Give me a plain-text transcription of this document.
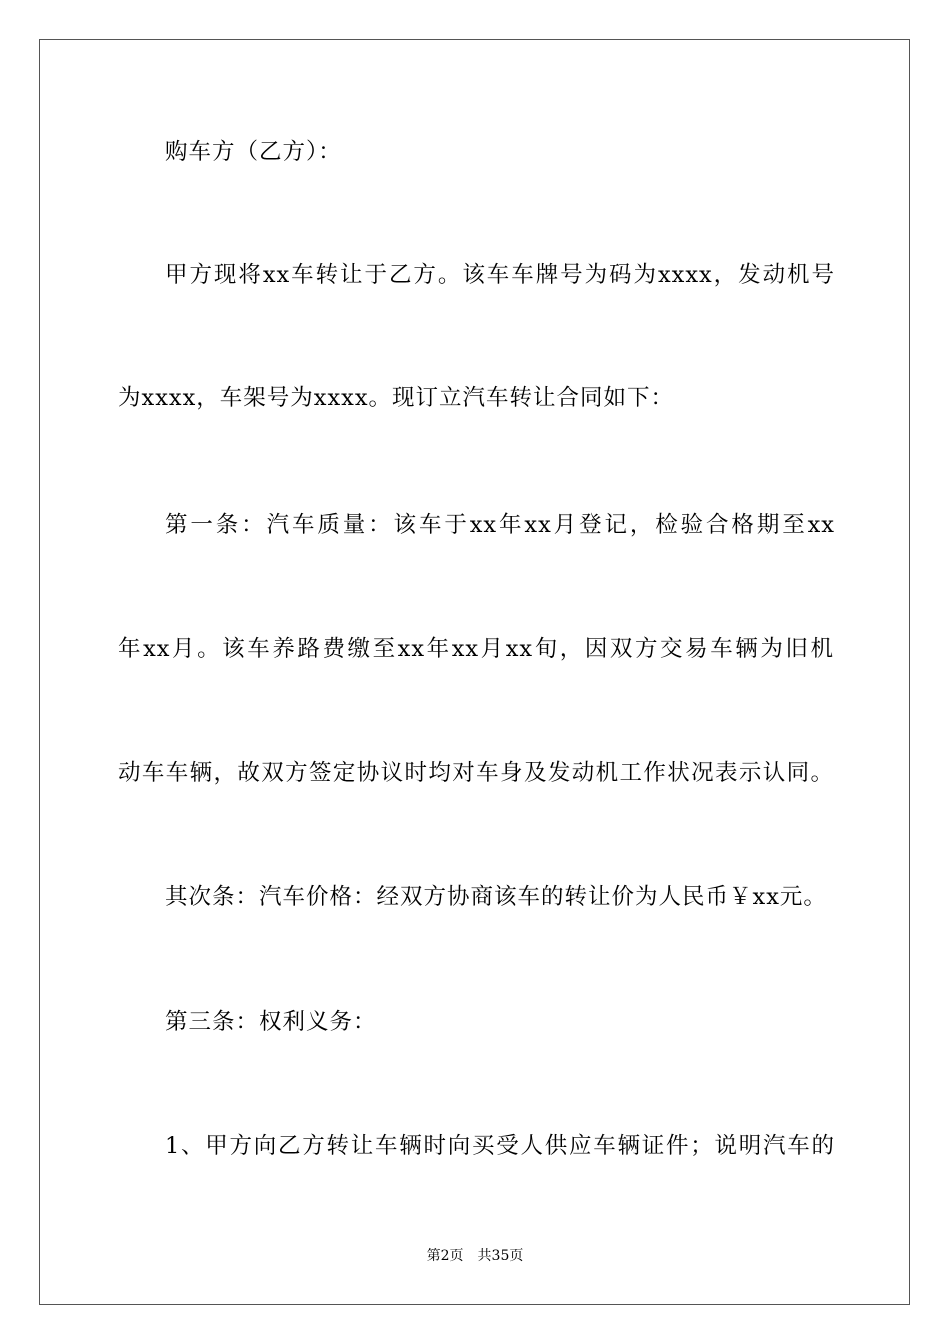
购车方（乙方）：
甲方现将xx车转让于乙方。该车车牌号为码为xxxx，发动机号
为xxxx，车架号为xxxx。现订立汽车转让合同如下：
第一条：汽车质量：该车于xx年xx月登记，检验合格期至xx
年xx月。该车养路费缴至xx年xx月xx旬，因双方交易车辆为旧机
动车车辆，故双方签定协议时均对车身及发动机工作状况表示认同。
其次条：汽车价格：经双方协商该车的转让价为人民币￥xx元。
第三条：权利义务：
1、甲方向乙方转让车辆时向买受人供应车辆证件；说明汽车的
第2页 共35页
